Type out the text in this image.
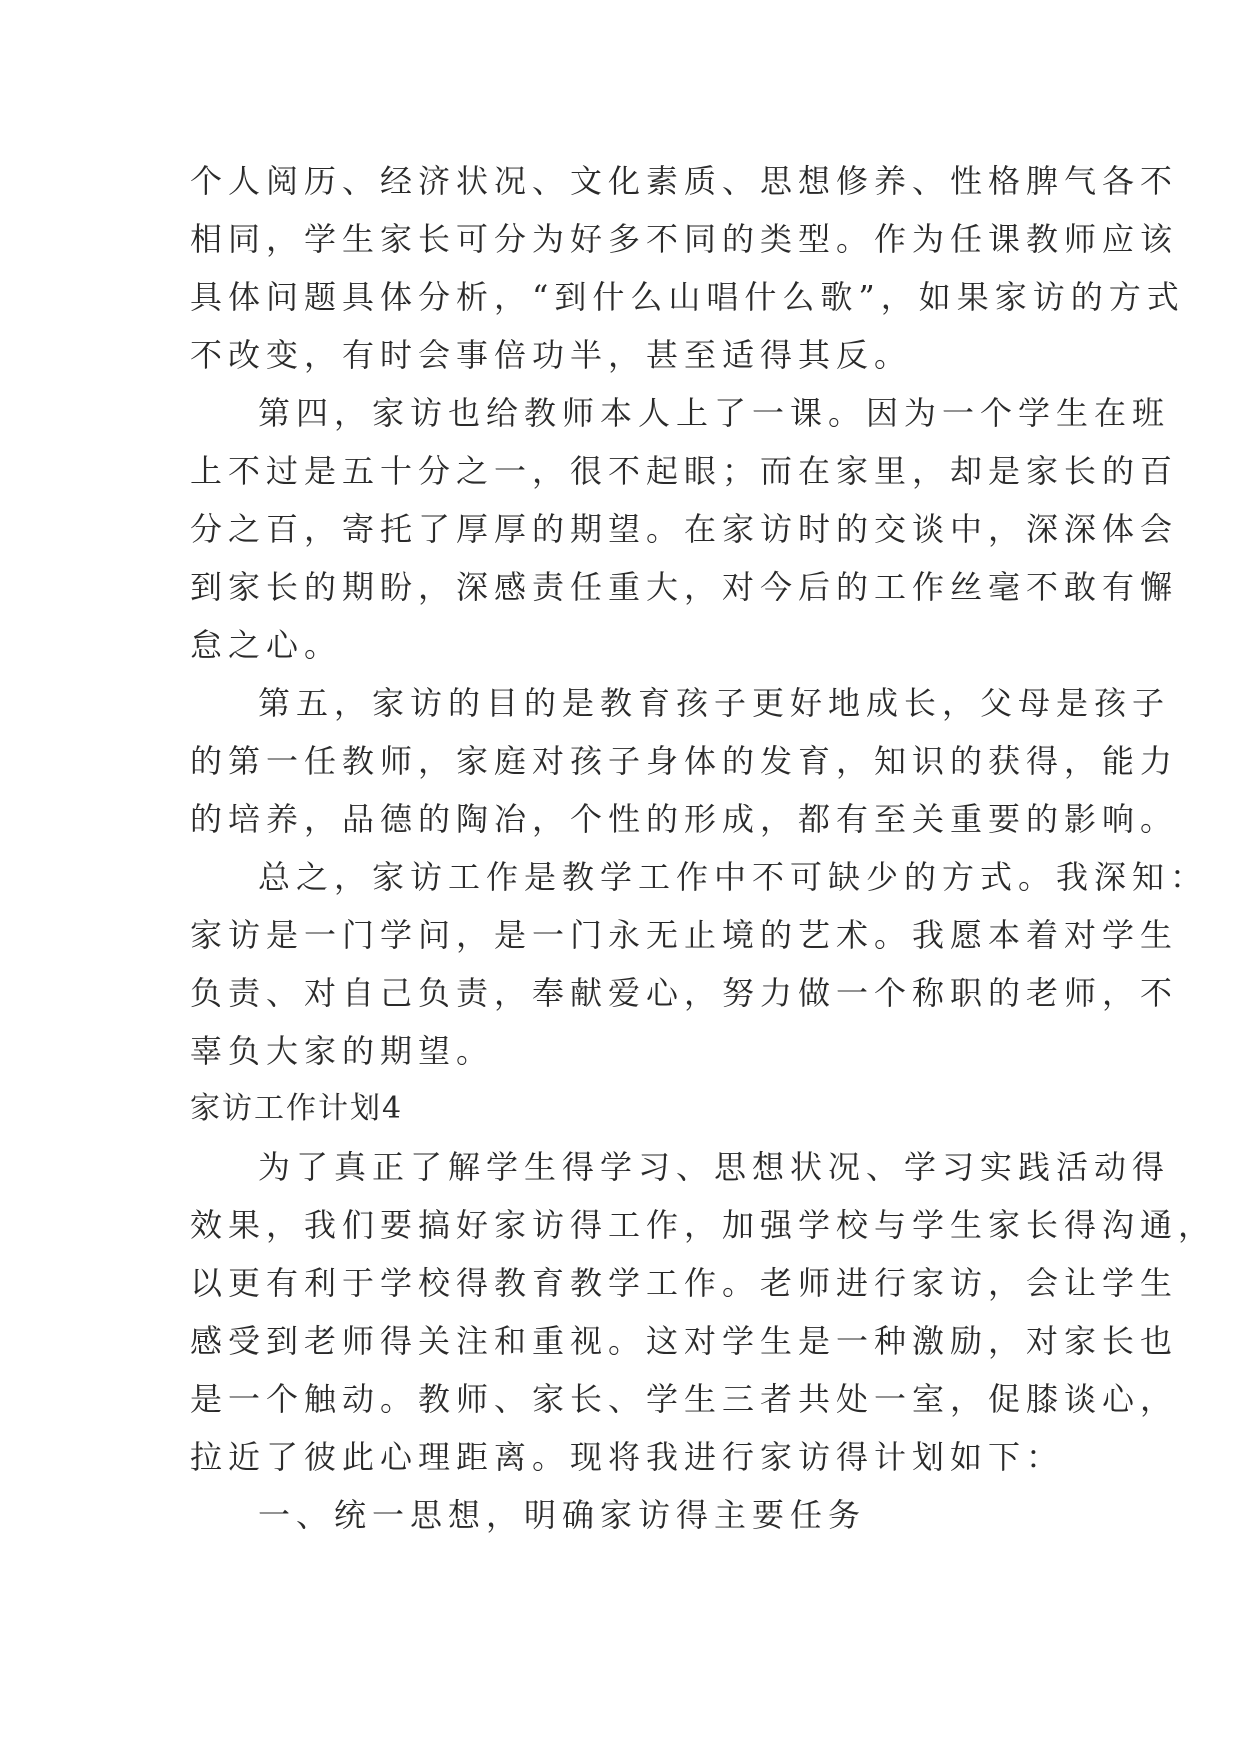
个人阅历、经济状况、文化素质、思想修养、性格脾气各不
相同，学生家长可分为好多不同的类型。作为任课教师应该
具体问题具体分析，“到什么山唱什么歌”，如果家访的方式
不改变，有时会事倍功半，甚至适得其反。
第四，家访也给教师本人上了一课。因为一个学生在班
上不过是五十分之一，很不起眼；而在家里，却是家长的百
分之百，寄托了厚厚的期望。在家访时的交谈中，深深体会
到家长的期盼，深感责任重大，对今后的工作丝毫不敢有懈
怠之心。
第五，家访的目的是教育孩子更好地成长，父母是孩子
的第一任教师，家庭对孩子身体的发育，知识的获得，能力
的培养，品德的陶冶，个性的形成，都有至关重要的影响。
总之，家访工作是教学工作中不可缺少的方式。我深知：
家访是一门学问，是一门永无止境的艺术。我愿本着对学生
负责、对自己负责，奉献爱心，努力做一个称职的老师，不
辜负大家的期望。
家访工作计划4
为了真正了解学生得学习、思想状况、学习实践活动得
效果，我们要搞好家访得工作，加强学校与学生家长得沟通，
以更有利于学校得教育教学工作。老师进行家访，会让学生
感受到老师得关注和重视。这对学生是一种激励，对家长也
是一个触动。教师、家长、学生三者共处一室，促膝谈心，
拉近了彼此心理距离。现将我进行家访得计划如下：
一、统一思想，明确家访得主要任务
